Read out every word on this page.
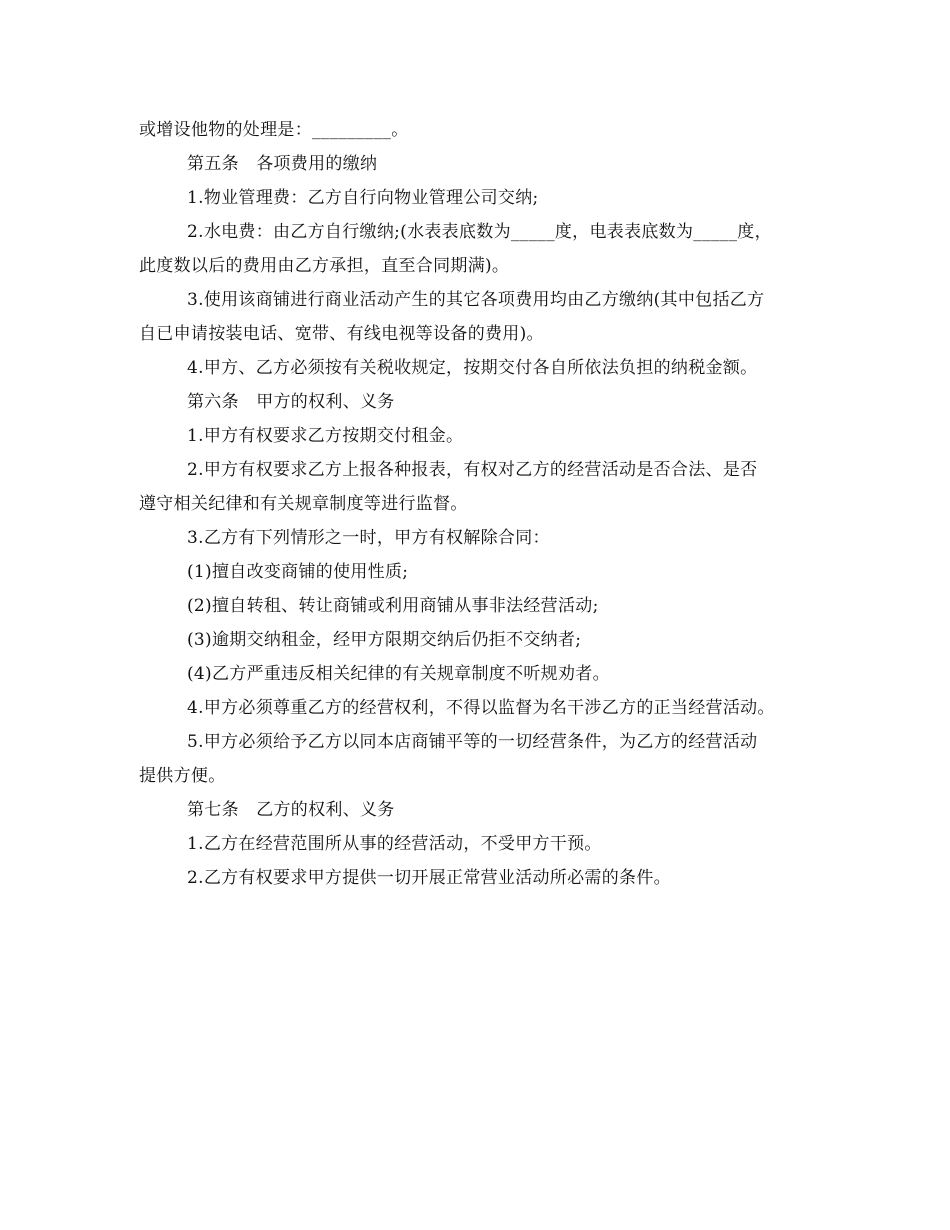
或增设他物的处理是：_________。
第五条　各项费用的缴纳
1.物业管理费：乙方自行向物业管理公司交纳;
2.水电费：由乙方自行缴纳;(水表表底数为_____度，电表表底数为_____度，
此度数以后的费用由乙方承担，直至合同期满)。
3.使用该商铺进行商业活动产生的其它各项费用均由乙方缴纳(其中包括乙方
自已申请按装电话、宽带、有线电视等设备的费用)。
4.甲方、乙方必须按有关税收规定，按期交付各自所依法负担的纳税金额。
第六条　甲方的权利、义务
1.甲方有权要求乙方按期交付租金。
2.甲方有权要求乙方上报各种报表，有权对乙方的经营活动是否合法、是否
遵守相关纪律和有关规章制度等进行监督。
3.乙方有下列情形之一时，甲方有权解除合同：
(1)擅自改变商铺的使用性质;
(2)擅自转租、转让商铺或利用商铺从事非法经营活动;
(3)逾期交纳租金，经甲方限期交纳后仍拒不交纳者;
(4)乙方严重违反相关纪律的有关规章制度不听规劝者。
4.甲方必须尊重乙方的经营权利，不得以监督为名干涉乙方的正当经营活动。
5.甲方必须给予乙方以同本店商铺平等的一切经营条件，为乙方的经营活动
提供方便。
第七条　乙方的权利、义务
1.乙方在经营范围所从事的经营活动，不受甲方干预。
2.乙方有权要求甲方提供一切开展正常营业活动所必需的条件。
